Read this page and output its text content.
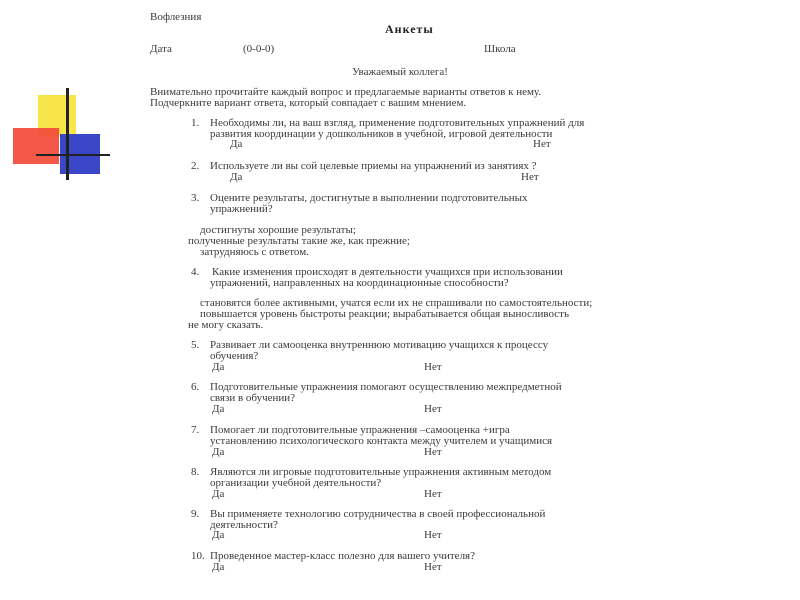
Вофлезния
Анкеты
Дата	(0-0-0)	Школа
Уважаемый коллега!
Внимательно прочитайте каждый вопрос и предлагаемые варианты ответов к нему.
Подчеркните вариант ответа, который совпадает с вашим мнением.
1. Необходимы ли, на ваш взгляд, применение подготовительных упражнений для
развития координации у дошкольников в учебной, игровой деятельности
Да	Нет
2. Используете ли вы сой целевые приемы на упражнений из занятиях ?
Да	Нет
3. Оцените результаты, достигнутые в выполнении подготовительных
упражнений?
достигнуты хорошие результаты;
полученные результаты такие же, как прежние;
затрудняюсь с ответом.
4. Какие изменения происходят в деятельности учащихся при использовании
упражнений, направленных на координационные способности?
становятся более активными, учатся если их не спрашивали по самостоятельности;
повышается уровень быстроты реакции; вырабатывается общая выносливость
не могу сказать.
5. Развивает ли самооценка внутреннюю мотивацию учащихся к процессу
обучения?
Да	Нет
6. Подготовительные упражнения помогают осуществлению межпредметной
связи в обучении?
Да	Нет
7. Помогает ли подготовительные упражнения –самооценка +игра
установлению психологического контакта между учителем и учащимися
Да	Нет
8. Являются ли игровые подготовительные упражнения активным методом
организации учебной деятельности?
Да	Нет
9. Вы применяете технологию сотрудничества в своей профессиональной
деятельности?
Да	Нет
10. Проведенное мастер-класс полезно для вашего учителя?
Да	Нет
